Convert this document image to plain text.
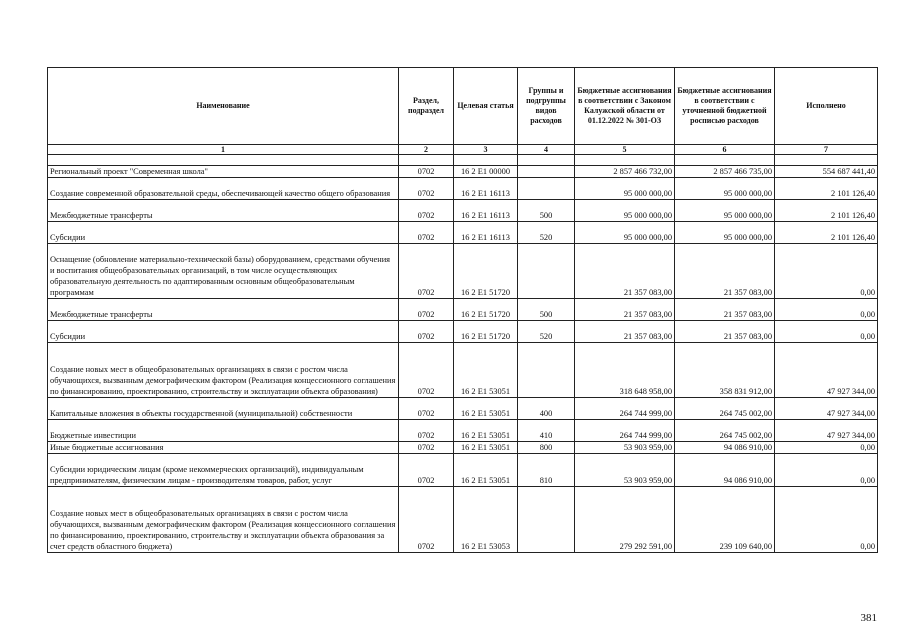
Наименование	Раздел, подраздел	Целевая статья	Группы и подгруппы видов расходов	Бюджетные ассигнования в соответствии с Законом Калужской области от 01.12.2022 № 301-ОЗ	Бюджетные ассигнования в соответствии с уточненной бюджетной росписью расходов	Исполнено
1	2	3	4	5	6	7

Региональный проект "Современная школа"	0702	16 2 E1 00000		2 857 466 732,00	2 857 466 735,00	554 687 441,40
Создание современной образовательной среды, обеспечивающей качество общего образования	0702	16 2 E1 16113		95 000 000,00	95 000 000,00	2 101 126,40
Межбюджетные трансферты	0702	16 2 E1 16113	500	95 000 000,00	95 000 000,00	2 101 126,40
Субсидии	0702	16 2 E1 16113	520	95 000 000,00	95 000 000,00	2 101 126,40
Оснащение (обновление материально-технической базы) оборудованием, средствами обучения и воспитания общеобразовательных организаций, в том числе осуществляющих образовательную деятельность по адаптированным основным общеобразовательным программам	0702	16 2 E1 51720		21 357 083,00	21 357 083,00	0,00
Межбюджетные трансферты	0702	16 2 E1 51720	500	21 357 083,00	21 357 083,00	0,00
Субсидии	0702	16 2 E1 51720	520	21 357 083,00	21 357 083,00	0,00
Создание новых мест в общеобразовательных организациях в связи с ростом числа обучающихся, вызванным демографическим фактором (Реализация концессионного соглашения по финансированию, проектированию, строительству и эксплуатации объекта образования)	0702	16 2 E1 53051		318 648 958,00	358 831 912,00	47 927 344,00
Капитальные вложения в объекты государственной (муниципальной) собственности	0702	16 2 E1 53051	400	264 744 999,00	264 745 002,00	47 927 344,00
Бюджетные инвестиции	0702	16 2 E1 53051	410	264 744 999,00	264 745 002,00	47 927 344,00
Иные бюджетные ассигнования	0702	16 2 E1 53051	800	53 903 959,00	94 086 910,00	0,00
Субсидии юридическим лицам (кроме некоммерческих организаций), индивидуальным предпринимателям, физическим лицам - производителям товаров, работ, услуг	0702	16 2 E1 53051	810	53 903 959,00	94 086 910,00	0,00
Создание новых мест в общеобразовательных организациях в связи с ростом числа обучающихся, вызванным демографическим фактором (Реализация концессионного соглашения по финансированию, проектированию, строительству и эксплуатации объекта образования за счет средств областного бюджета)	0702	16 2 E1 53053		279 292 591,00	239 109 640,00	0,00
381
